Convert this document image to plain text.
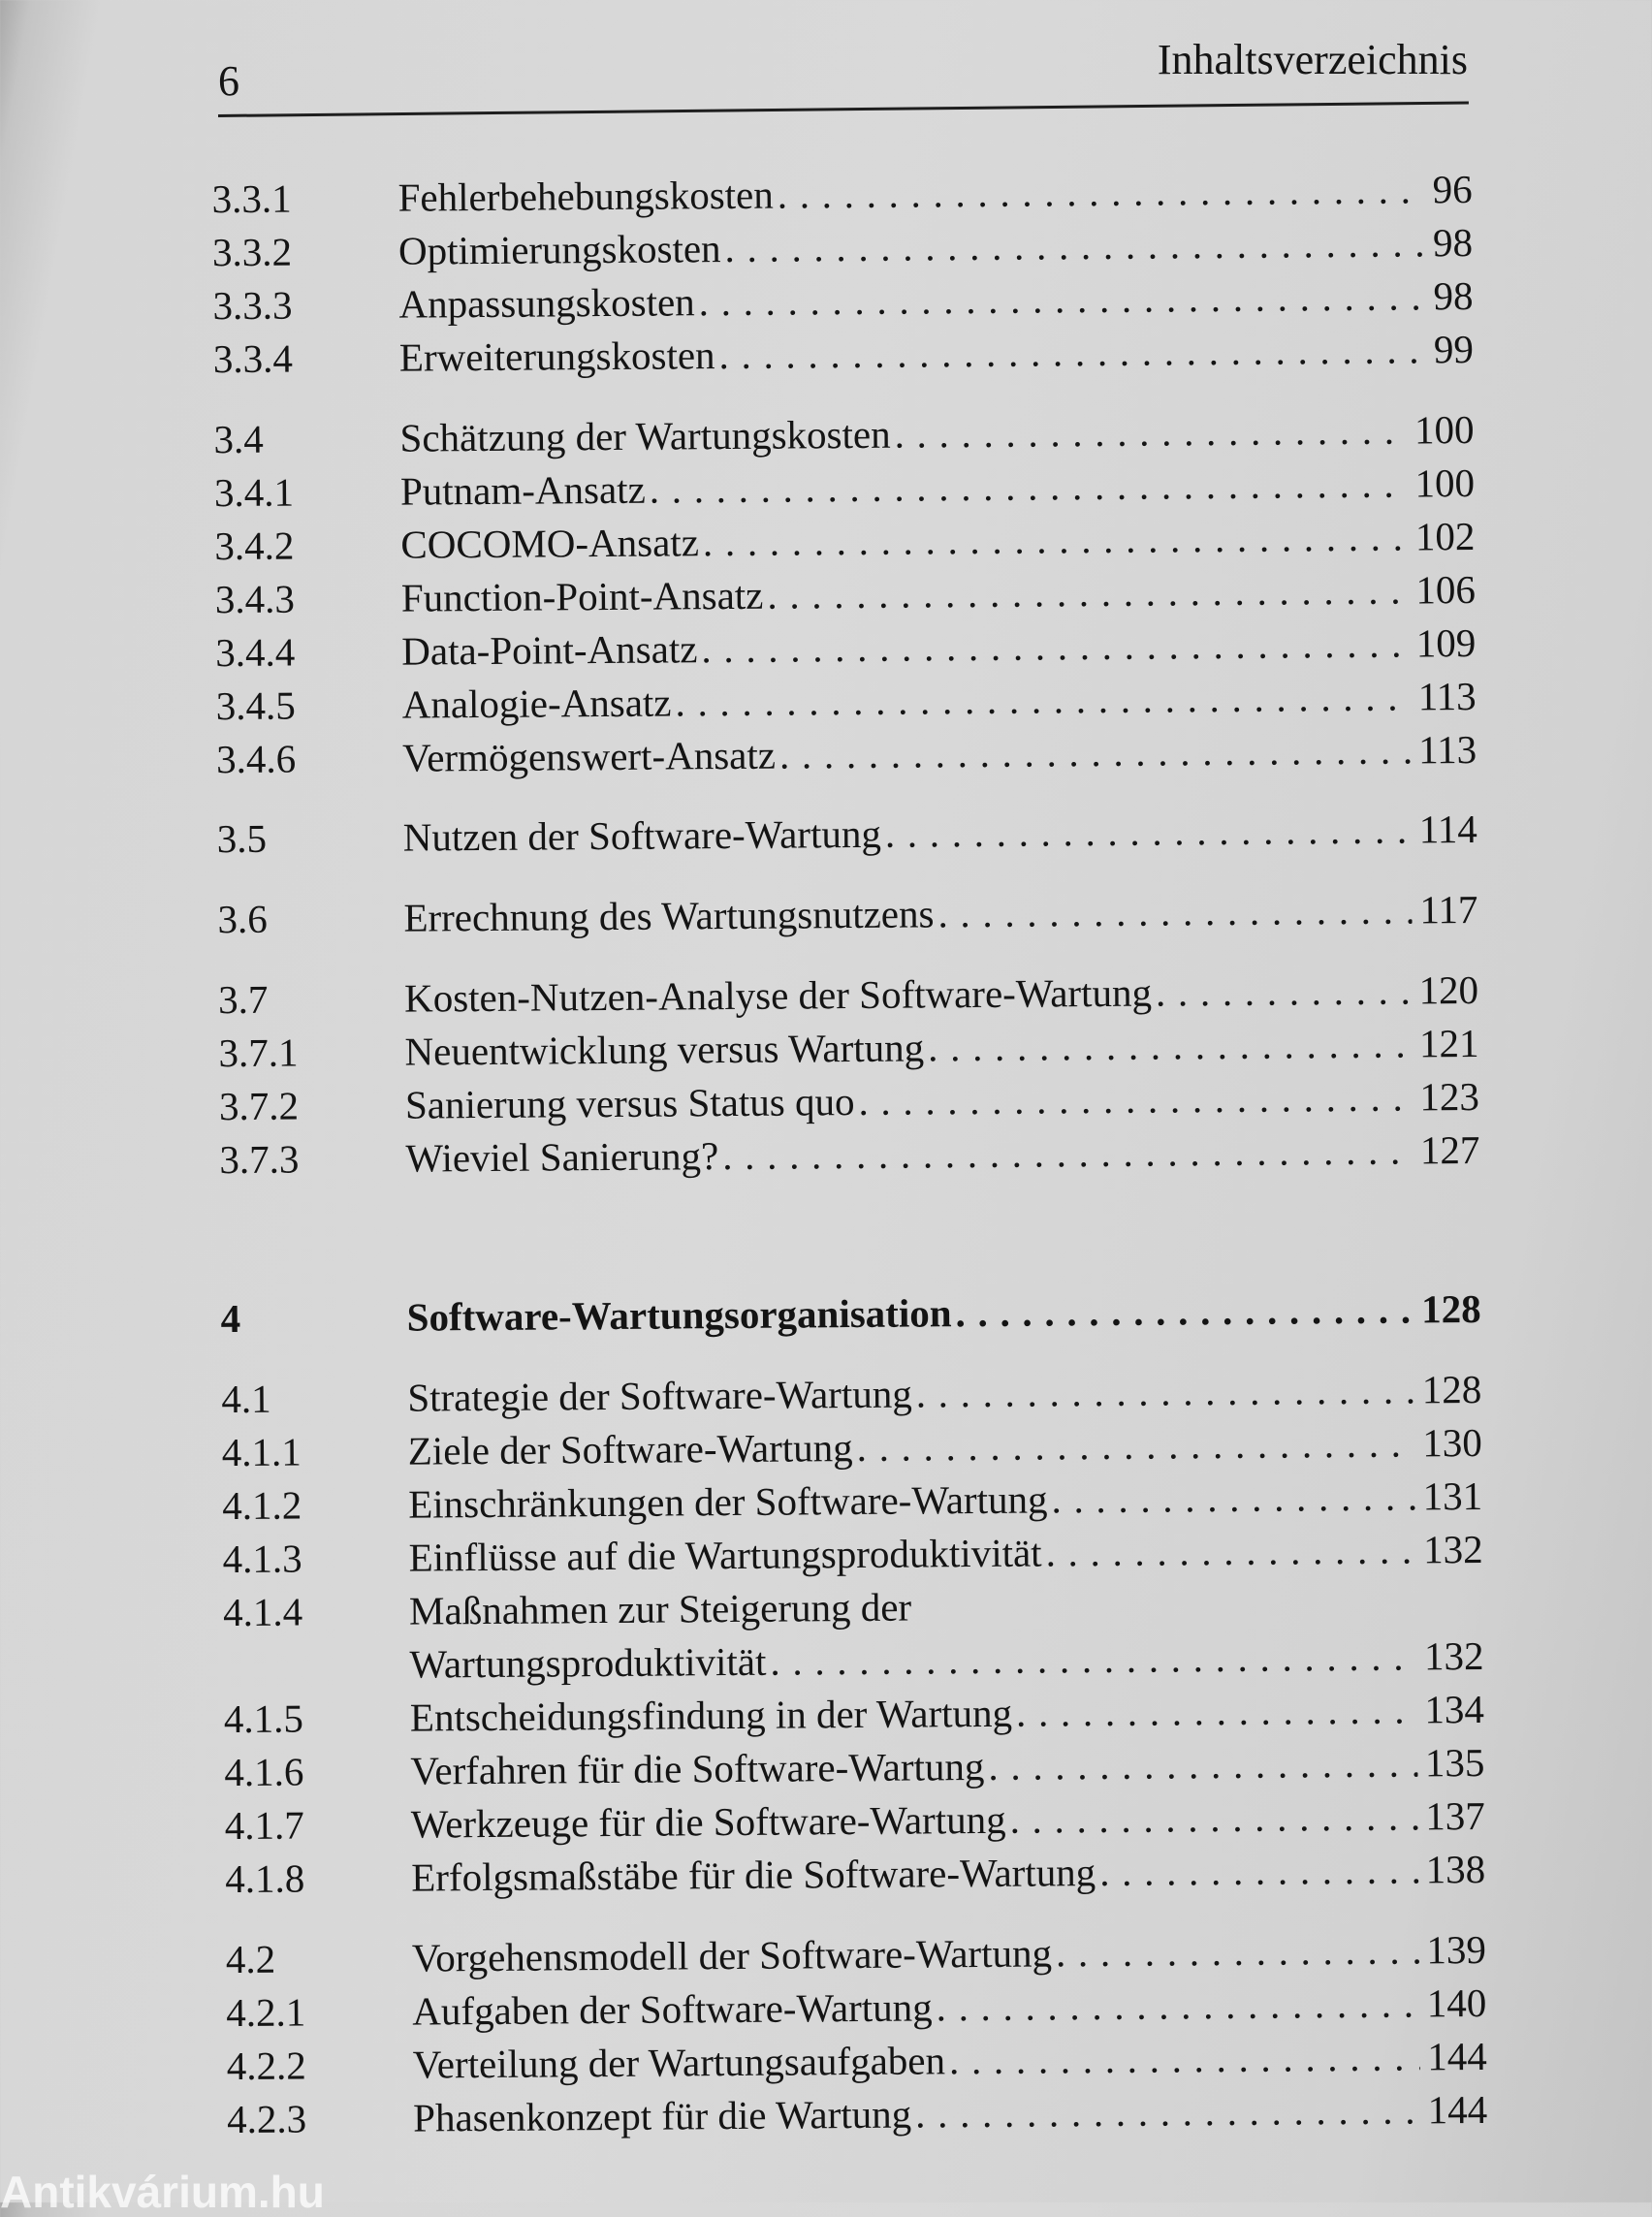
6	Inhaltsverzeichnis
3.3.1	Fehlerbehebungskosten . . .	96
3.3.2	Optimierungskosten . . .	98
3.3.3	Anpassungskosten . . .	98
3.3.4	Erweiterungskosten . . .	99
3.4	Schätzung der Wartungskosten . . .	100
3.4.1	Putnam-Ansatz . . .	100
3.4.2	COCOMO-Ansatz . . .	102
3.4.3	Function-Point-Ansatz . . .	106
3.4.4	Data-Point-Ansatz . . .	109
3.4.5	Analogie-Ansatz . . .	113
3.4.6	Vermögenswert-Ansatz . . .	113
3.5	Nutzen der Software-Wartung . . .	114
3.6	Errechnung des Wartungsnutzens . . .	117
3.7	Kosten-Nutzen-Analyse der Software-Wartung . . .	120
3.7.1	Neuentwicklung versus Wartung . . .	121
3.7.2	Sanierung versus Status quo . . .	123
3.7.3	Wieviel Sanierung? . . .	127
4	Software-Wartungsorganisation . . .	128
4.1	Strategie der Software-Wartung . . .	128
4.1.1	Ziele der Software-Wartung . . .	130
4.1.2	Einschränkungen der Software-Wartung . . .	131
4.1.3	Einflüsse auf die Wartungsproduktivität . . .	132
4.1.4	Maßnahmen zur Steigerung der
Wartungsproduktivität . . .	132
4.1.5	Entscheidungsfindung in der Wartung . . .	134
4.1.6	Verfahren für die Software-Wartung . . .	135
4.1.7	Werkzeuge für die Software-Wartung . . .	137
4.1.8	Erfolgsmaßstäbe für die Software-Wartung . . .	138
4.2	Vorgehensmodell der Software-Wartung . . .	139
4.2.1	Aufgaben der Software-Wartung . . .	140
4.2.2	Verteilung der Wartungsaufgaben . . .	144
4.2.3	Phasenkonzept für die Wartung . . .	144
Antikvárium.hu
